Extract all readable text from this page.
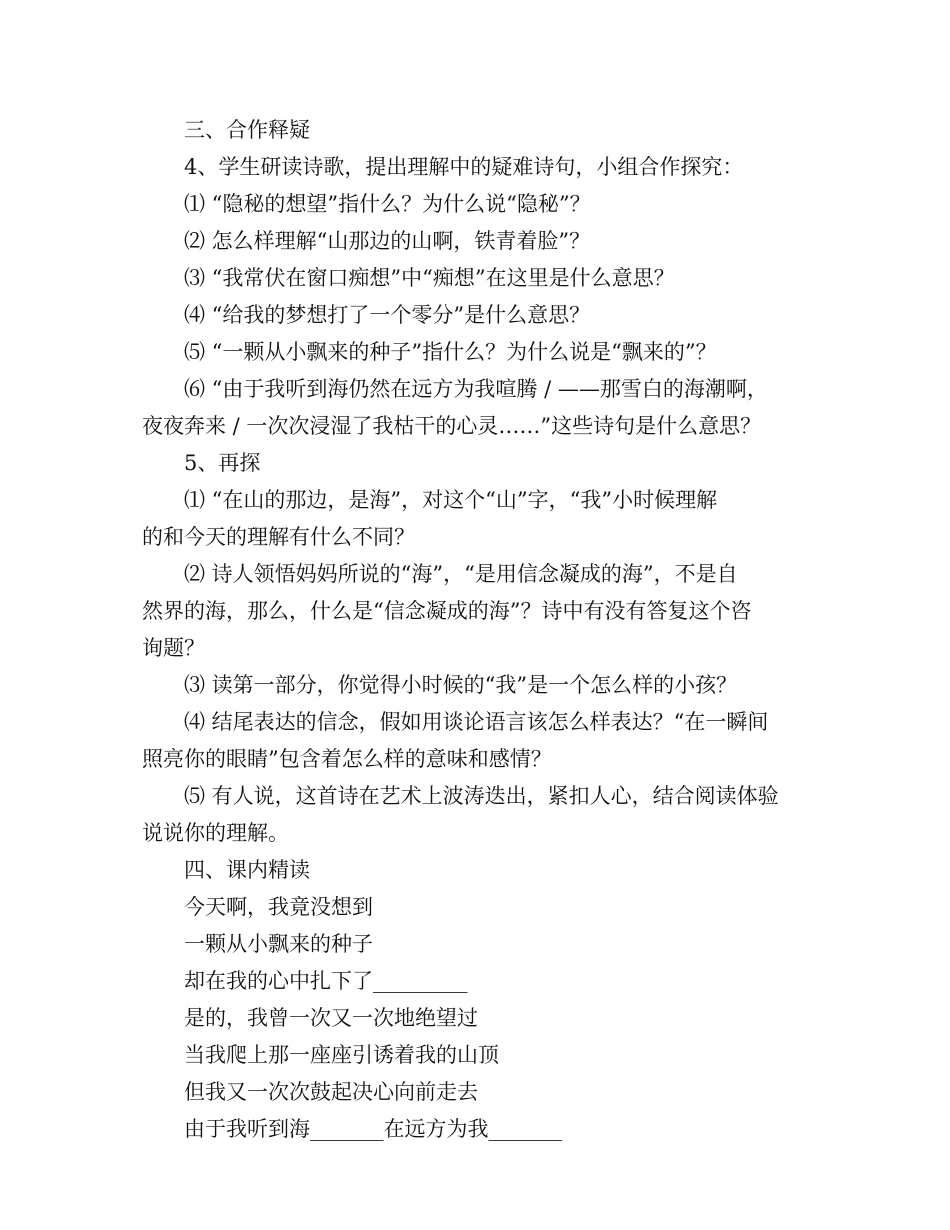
三、合作释疑
4、学生研读诗歌，提出理解中的疑难诗句，小组合作探究：
⑴ “隐秘的想望”指什么？为什么说“隐秘”？
⑵ 怎么样理解“山那边的山啊，铁青着脸”？
⑶ “我常伏在窗口痴想”中“痴想”在这里是什么意思？
⑷ “给我的梦想打了一个零分”是什么意思？
⑸ “一颗从小飘来的种子”指什么？为什么说是“飘来的”？
⑹ “由于我听到海仍然在远方为我喧腾 / ——那雪白的海潮啊，
夜夜奔来 / 一次次浸湿了我枯干的心灵……”这些诗句是什么意思？
5、再探
⑴ “在山的那边，是海”，对这个“山”字，“我”小时候理解
的和今天的理解有什么不同？
⑵ 诗人领悟妈妈所说的“海”，“是用信念凝成的海”，不是自
然界的海，那么，什么是“信念凝成的海”？诗中有没有答复这个咨
询题？
⑶ 读第一部分，你觉得小时候的“我”是一个怎么样的小孩？
⑷ 结尾表达的信念，假如用谈论语言该怎么样表达？“在一瞬间
照亮你的眼睛”包含着怎么样的意味和感情？
⑸ 有人说，这首诗在艺术上波涛迭出，紧扣人心，结合阅读体验
说说你的理解。
四、课内精读
今天啊，我竟没想到
一颗从小飘来的种子
却在我的心中扎下了_________
是的，我曾一次又一次地绝望过
当我爬上那一座座引诱着我的山顶
但我又一次次鼓起决心向前走去
由于我听到海_______在远方为我_______
